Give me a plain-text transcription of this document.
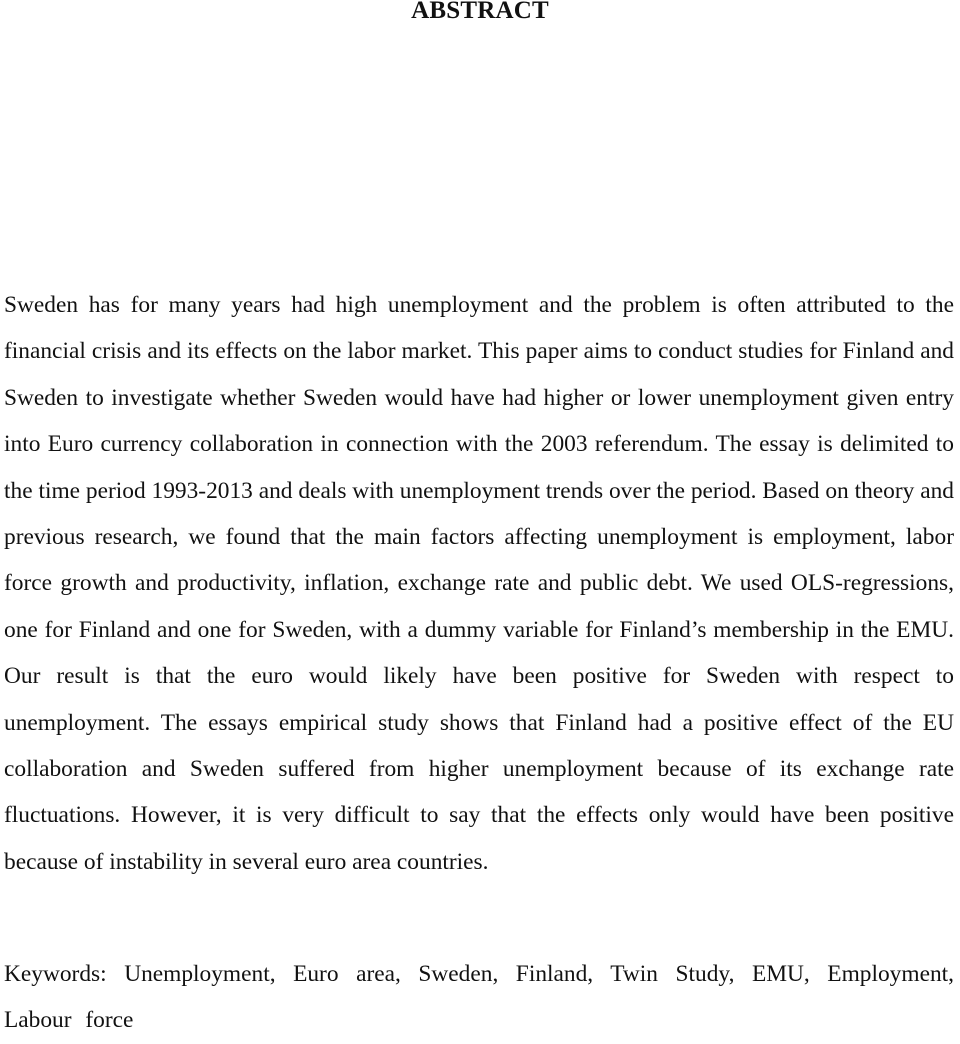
ABSTRACT

Sweden has for many years had high unemployment and the problem is often attributed to the financial crisis and its effects on the labor market. This paper aims to conduct studies for Finland and Sweden to investigate whether Sweden would have had higher or lower unemployment given entry into Euro currency collaboration in connection with the 2003 referendum. The essay is delimited to the time period 1993-2013 and deals with unemployment trends over the period. Based on theory and previous research, we found that the main factors affecting unemployment is employment, labor force growth and productivity, inflation, exchange rate and public debt. We used OLS-regressions, one for Finland and one for Sweden, with a dummy variable for Finland’s membership in the EMU. Our result is that the euro would likely have been positive for Sweden with respect to unemployment. The essays empirical study shows that Finland had a positive effect of the EU collaboration and Sweden suffered from higher unemployment because of its exchange rate fluctuations. However, it is very difficult to say that the effects only would have been positive because of instability in several euro area countries.

Keywords: Unemployment, Euro area, Sweden, Finland, Twin Study, EMU, Employment, Labour force
